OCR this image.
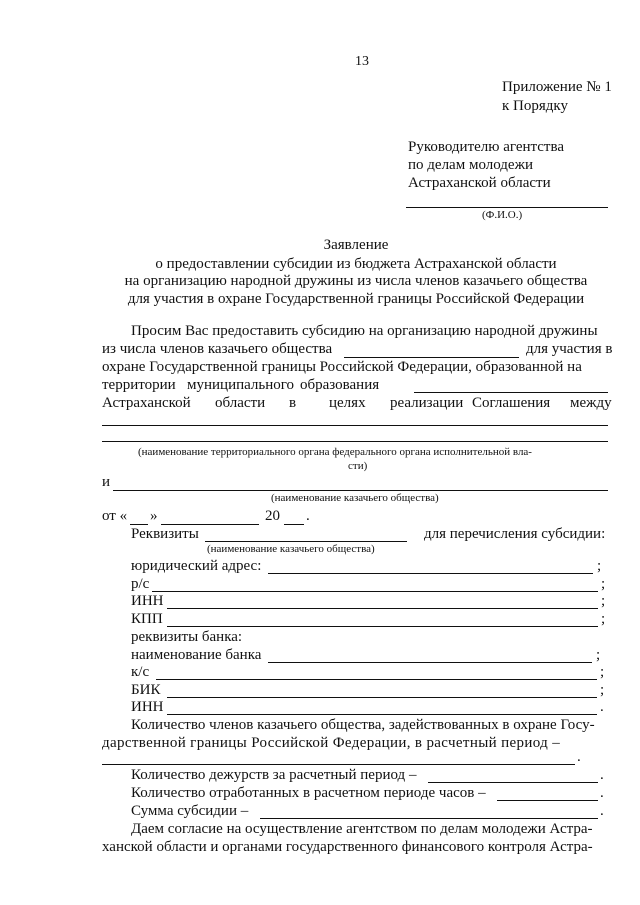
13
Приложение № 1
к Порядку
Руководителю агентства
по делам молодежи
Астраханской области
(Ф.И.О.)
Заявление
о предоставлении субсидии из бюджета Астраханской области
на организацию народной дружины из числа членов казачьего общества
для участия в охране Государственной границы Российской Федерации
Просим Вас предоставить субсидию на организацию народной дружины
из числа членов казачьего общества	для участия в
охране Государственной границы Российской Федерации, образованной на
территории муниципального образования
Астраханской области в целях реализации Соглашения между
(наименование территориального органа федерального органа исполнительной вла-
сти)
и
(наименование казачьего общества)
от « »	20 .
Реквизиты	для перечисления субсидии:
(наименование казачьего общества)
юридический адрес:	;
р/с	;
ИНН	;
КПП	;
реквизиты банка:
наименование банка	;
к/с	;
БИК	;
ИНН	.
Количество членов казачьего общества, задействованных в охране Госу-
дарственной границы Российской Федерации, в расчетный период –
.
Количество дежурств за расчетный период –	.
Количество отработанных в расчетном периоде часов –	.
Сумма субсидии –	.
Даем согласие на осуществление агентством по делам молодежи Астра-
ханской области и органами государственного финансового контроля Астра-
